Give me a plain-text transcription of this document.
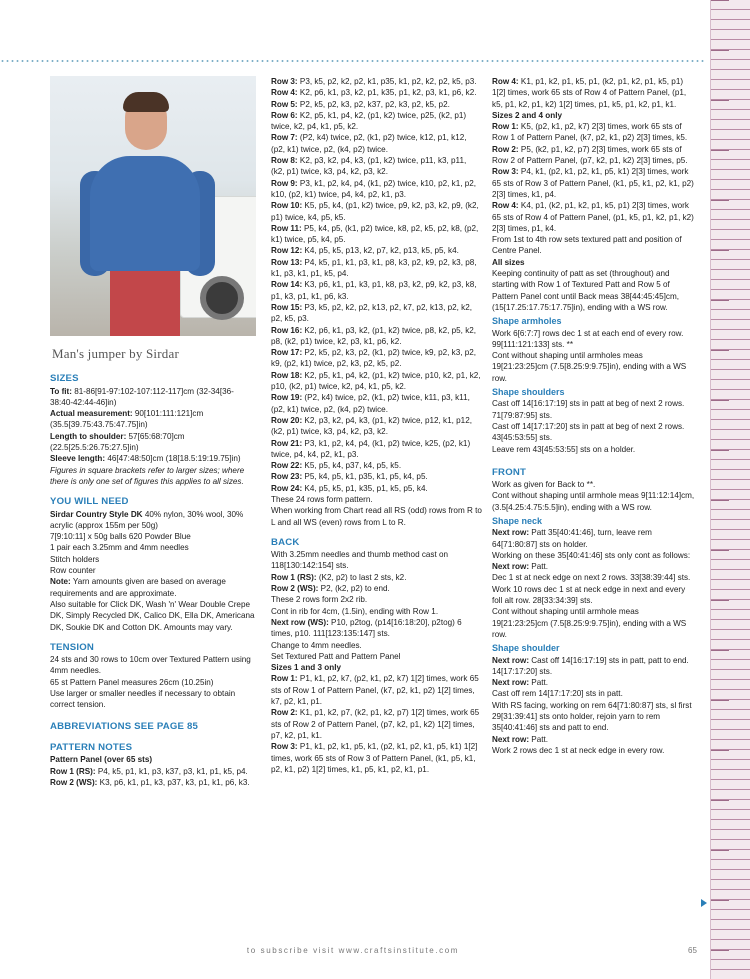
Man's jumper by Sirdar
SIZES

To fit: 81-86[91-97:102-107:112-117]cm (32-34[36-38:40-42:44-46]in)

Actual measurement: 90[101:111:121]cm (35.5[39.75:43.75:47.75]in)

Length to shoulder: 57[65:68:70]cm (22.5[25.5:26.75:27.5]in)

Sleeve length: 46[47:48:50]cm (18[18.5:19:19.75]in)

Figures in square brackets refer to larger sizes; where there is only one set of figures this applies to all sizes.

YOU WILL NEED

Sirdar Country Style DK 40% nylon, 30% wool, 30% acrylic (approx 155m per 50g)

7[9:10:11] x 50g balls 620 Powder Blue

1 pair each 3.25mm and 4mm needles

Stitch holders

Row counter

Note: Yarn amounts given are based on average requirements and are approximate.

Also suitable for Click DK, Wash 'n' Wear Double Crepe DK, Simply Recycled DK, Calico DK, Ella DK, Americana DK, Soukie DK and Cotton DK. Amounts may vary.

TENSION

24 sts and 30 rows to 10cm over Textured Pattern using 4mm needles.

65 st Pattern Panel measures 26cm (10.25in)

Use larger or smaller needles if necessary to obtain correct tension.

ABBREVIATIONS SEE PAGE 85
PATTERN NOTES

Pattern Panel (over 65 sts)

Row 1 (RS): P4, k5, p1, k1, p3, k37, p3, k1, p1, k5, p4.

Row 2 (WS): K3, p6, k1, p1, k3, p37, k3, p1, k1, p6, k3.

Row 3: P3, k5, p2, k2, p2, k1, p35, k1, p2, k2, p2, k5, p3.

Row 4: K2, p6, k1, p3, k2, p1, k35, p1, k2, p3, k1, p6, k2.

Row 5: P2, k5, p2, k3, p2, k37, p2, k3, p2, k5, p2.

Row 6: K2, p5, k1, p4, k2, (p1, k2) twice, p25, (k2, p1) twice, k2, p4, k1, p5, k2.

Row 7: (P2, k4) twice, p2, (k1, p2) twice, k12, p1, k12, (p2, k1) twice, p2, (k4, p2) twice.

Row 8: K2, p3, k2, p4, k3, (p1, k2) twice, p11, k3, p11, (k2, p1) twice, k3, p4, k2, p3, k2.

Row 9: P3, k1, p2, k4, p4, (k1, p2) twice, k10, p2, k1, p2, k10, (p2, k1) twice, p4, k4, p2, k1, p3.

Row 10: K5, p5, k4, (p1, k2) twice, p9, k2, p3, k2, p9, (k2, p1) twice, k4, p5, k5.

Row 11: P5, k4, p5, (k1, p2) twice, k8, p2, k5, p2, k8, (p2, k1) twice, p5, k4, p5.

Row 12: K4, p5, k5, p13, k2, p7, k2, p13, k5, p5, k4.

Row 13: P4, k5, p1, k1, p3, k1, p8, k3, p2, k9, p2, k3, p8, k1, p3, k1, p1, k5, p4.

Row 14: K3, p6, k1, p1, k3, p1, k8, p3, k2, p9, k2, p3, k8, p1, k3, p1, k1, p6, k3.

Row 15: P3, k5, p2, k2, p2, k13, p2, k7, p2, k13, p2, k2, p2, k5, p3.

Row 16: K2, p6, k1, p3, k2, (p1, k2) twice, p8, k2, p5, k2, p8, (k2, p1) twice, k2, p3, k1, p6, k2.

Row 17: P2, k5, p2, k3, p2, (k1, p2) twice, k9, p2, k3, p2, k9, (p2, k1) twice, p2, k3, p2, k5, p2.

Row 18: K2, p5, k1, p4, k2, (p1, k2) twice, p10, k2, p1, k2, p10, (k2, p1) twice, k2, p4, k1, p5, k2.

Row 19: (P2, k4) twice, p2, (k1, p2) twice, k11, p3, k11, (p2, k1) twice, p2, (k4, p2) twice.

Row 20: K2, p3, k2, p4, k3, (p1, k2) twice, p12, k1, p12, (k2, p1) twice, k3, p4, k2, p3, k2.

Row 21: P3, k1, p2, k4, p4, (k1, p2) twice, k25, (p2, k1) twice, p4, k4, p2, k1, p3.

Row 22: K5, p5, k4, p37, k4, p5, k5.

Row 23: P5, k4, p5, k1, p35, k1, p5, k4, p5.

Row 24: K4, p5, k5, p1, k35, p1, k5, p5, k4.

These 24 rows form pattern.

When working from Chart read all RS (odd) rows from R to L and all WS (even) rows from L to R.

BACK

With 3.25mm needles and thumb method cast on 118[130:142:154] sts.

Row 1 (RS): (K2, p2) to last 2 sts, k2.

Row 2 (WS): P2, (k2, p2) to end.

These 2 rows form 2x2 rib.

Cont in rib for 4cm, (1.5in), ending with Row 1.

Next row (WS): P10, p2tog, (p14[16:18:20], p2tog) 6 times, p10. 111[123:135:147] sts.

Change to 4mm needles.

Set Textured Patt and Pattern Panel

Sizes 1 and 3 only

Row 1: P1, k1, p2, k7, (p2, k1, p2, k7) 1[2] times, work 65 sts of Row 1 of Pattern Panel, (k7, p2, k1, p2) 1[2] times, k7, p2, k1, p1.

Row 2: K1, p1, k2, p7, (k2, p1, k2, p7) 1[2] times, work 65 sts of Row 2 of Pattern Panel, (p7, k2, p1, k2) 1[2] times, p7, k2, p1, k1.

Row 3: P1, k1, p2, k1, p5, k1, (p2, k1, p2, k1, p5, k1) 1[2] times, work 65 sts of Row 3 of Pattern Panel, (k1, p5, k1, p2, k1, p2) 1[2] times, k1, p5, k1, p2, k1, p1.

Row 4: K1, p1, k2, p1, k5, p1, (k2, p1, k2, p1, k5, p1) 1[2] times, work 65 sts of Row 4 of Pattern Panel, (p1, k5, p1, k2, p1, k2) 1[2] times, p1, k5, p1, k2, p1, k1.

Sizes 2 and 4 only

Row 1: K5, (p2, k1, p2, k7) 2[3] times, work 65 sts of Row 1 of Pattern Panel, (k7, p2, k1, p2) 2[3] times, k5.

Row 2: P5, (k2, p1, k2, p7) 2[3] times, work 65 sts of Row 2 of Pattern Panel, (p7, k2, p1, k2) 2[3] times, p5.

Row 3: P4, k1, (p2, k1, p2, k1, p5, k1) 2[3] times, work 65 sts of Row 3 of Pattern Panel, (k1, p5, k1, p2, k1, p2) 2[3] times, k1, p4.

Row 4: K4, p1, (k2, p1, k2, p1, k5, p1) 2[3] times, work 65 sts of Row 4 of Pattern Panel, (p1, k5, p1, k2, p1, k2) 2[3] times, p1, k4.

From 1st to 4th row sets textured patt and position of Centre Panel.

All sizes

Keeping continuity of patt as set (throughout) and starting with Row 1 of Textured Patt and Row 5 of Pattern Panel cont until Back meas 38[44:45:45]cm,(15[17.25:17.75:17.75]in), ending with a WS row.

Shape armholes

Work 6[6:7:7] rows dec 1 st at each end of every row. 99[111:121:133] sts. **

Cont without shaping until armholes meas 19[21:23:25]cm (7.5[8.25:9:9.75]in), ending with a WS row.

Shape shoulders

Cast off 14[16:17:19] sts in patt at beg of next 2 rows. 71[79:87:95] sts.

Cast off 14[17:17:20] sts in patt at beg of next 2 rows. 43[45:53:55] sts.

Leave rem 43[45:53:55] sts on a holder.

FRONT

Work as given for Back to **.

Cont without shaping until armhole meas 9[11:12:14]cm, (3.5[4.25:4.75:5.5]in), ending with a WS row.

Shape neck

Next row: Patt 35[40:41:46], turn, leave rem 64[71:80:87] sts on holder.

Working on these 35[40:41:46] sts only cont as follows:

Next row: Patt.

Dec 1 st at neck edge on next 2 rows. 33[38:39:44] sts.

Work 10 rows dec 1 st at neck edge in next and every foll alt row. 28[33:34:39] sts.

Cont without shaping until armhole meas 19[21:23:25]cm (7.5[8.25:9:9.75]in), ending with a WS row.

Shape shoulder

Next row: Cast off 14[16:17:19] sts in patt, patt to end. 14[17:17:20] sts.

Next row: Patt.

Cast off rem 14[17:17:20] sts in patt.

With RS facing, working on rem 64[71:80:87] sts, sl first 29[31:39:41] sts onto holder, rejoin yarn to rem 35[40:41:46] sts and patt to end.

Next row: Patt.

Work 2 rows dec 1 st at neck edge in every row.

to subscribe visit www.craftsinstitute.com	65
